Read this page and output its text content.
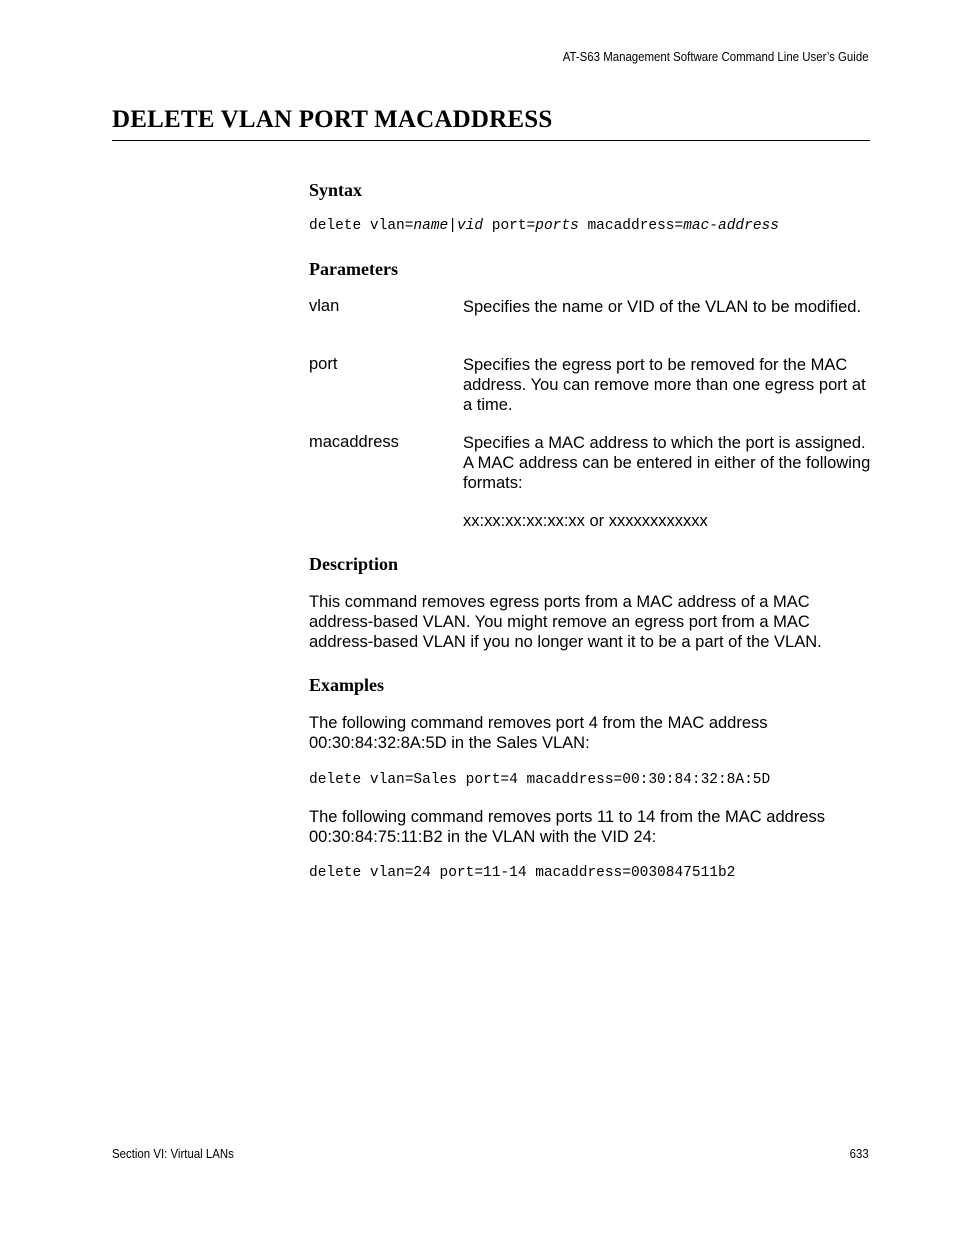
AT-S63 Management Software Command Line User’s Guide
DELETE VLAN PORT MACADDRESS
Syntax
delete vlan=name|vid port=ports macaddress=mac-address
Parameters
vlan	Specifies the name or VID of the VLAN to be modified.
port	Specifies the egress port to be removed for the MAC address. You can remove more than one egress port at a time.
macaddress	Specifies a MAC address to which the port is assigned. A MAC address can be entered in either of the following formats:
xx:xx:xx:xx:xx:xx or xxxxxxxxxxxx
Description
This command removes egress ports from a MAC address of a MAC address-based VLAN. You might remove an egress port from a MAC address-based VLAN if you no longer want it to be a part of the VLAN.
Examples
The following command removes port 4 from the MAC address 00:30:84:32:8A:5D in the Sales VLAN:
delete vlan=Sales port=4 macaddress=00:30:84:32:8A:5D
The following command removes ports 11 to 14 from the MAC address 00:30:84:75:11:B2 in the VLAN with the VID 24:
delete vlan=24 port=11-14 macaddress=0030847511b2
Section VI: Virtual LANs	633
